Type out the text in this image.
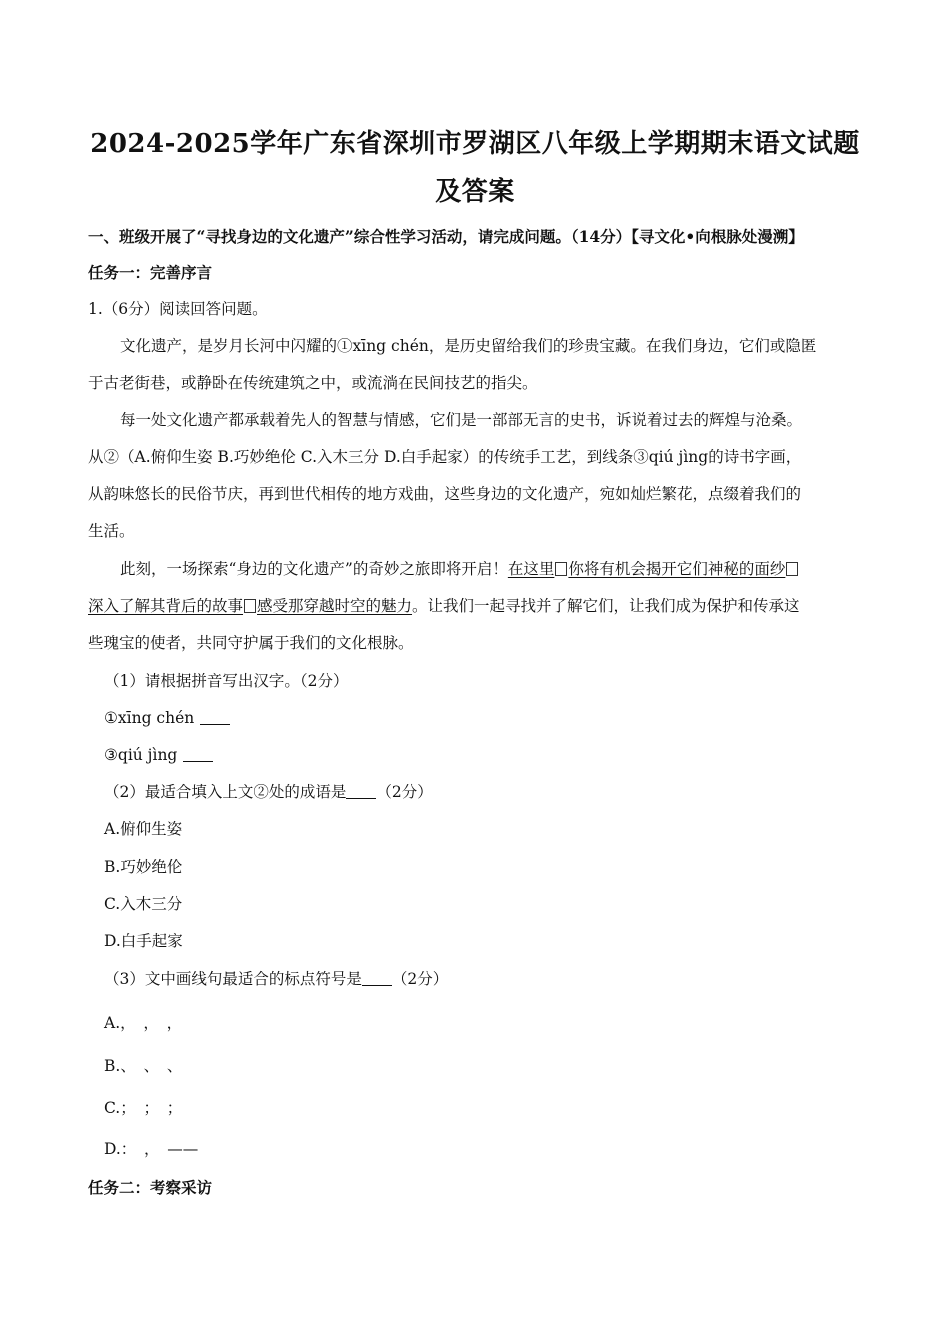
2024-2025学年广东省深圳市罗湖区八年级上学期期末语文试题及答案
一、班级开展了“寻找身边的文化遗产”综合性学习活动，请完成问题。（14分）【寻文化•向根脉处漫溯】
任务一：完善序言
1.（6分）阅读回答问题。
文化遗产，是岁月长河中闪耀的①xīng chén，是历史留给我们的珍贵宝藏。在我们身边，它们或隐匿
于古老街巷，或静卧在传统建筑之中，或流淌在民间技艺的指尖。
每一处文化遗产都承载着先人的智慧与情感，它们是一部部无言的史书，诉说着过去的辉煌与沧桑。
从②（A.俯仰生姿 B.巧妙绝伦 C.入木三分 D.白手起家）的传统手工艺，到线条③qiú jìng的诗书字画，
从韵味悠长的民俗节庆，再到世代相传的地方戏曲，这些身边的文化遗产，宛如灿烂繁花，点缀着我们的
生活。
此刻，一场探索“身边的文化遗产”的奇妙之旅即将开启！在这里 你将有机会揭开它们神秘的面纱
深入了解其背后的故事 感受那穿越时空的魅力。让我们一起寻找并了解它们，让我们成为保护和传承这
些瑰宝的使者，共同守护属于我们的文化根脉。
（1）请根据拼音写出汉字。（2分）
①xīng chén
③qiú jìng
（2）最适合填入上文②处的成语是 （2分）
A.俯仰生姿
B.巧妙绝伦
C.入木三分
D.白手起家
（3）文中画线句最适合的标点符号是 （2分）
A.，　，　，
B.、　、　、
C.；　；　；
D.：　，　——
任务二：考察采访
